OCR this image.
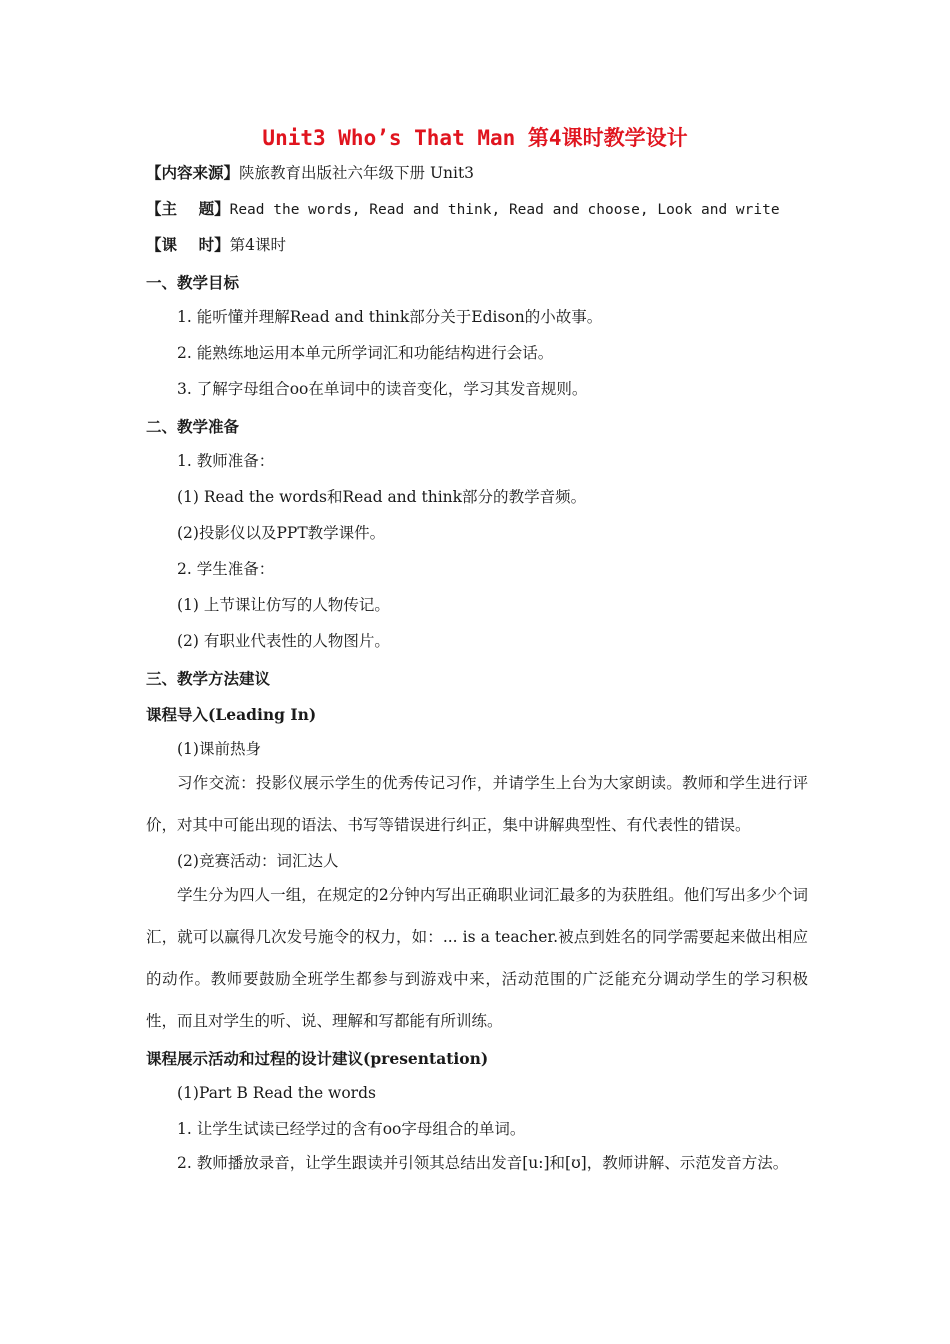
Unit3 Who’s That Man 第4课时教学设计
【内容来源】陕旅教育出版社六年级下册 Unit3
【主    题】Read the words, Read and think, Read and choose, Look and write
【课    时】第4课时
一、教学目标
1. 能听懂并理解Read and think部分关于Edison的小故事。
2. 能熟练地运用本单元所学词汇和功能结构进行会话。
3. 了解字母组合oo在单词中的读音变化，学习其发音规则。
二、教学准备
1. 教师准备：
(1) Read the words和Read and think部分的教学音频。
(2)投影仪以及PPT教学课件。
2. 学生准备：
(1) 上节课让仿写的人物传记。
(2) 有职业代表性的人物图片。
三、教学方法建议
课程导入(Leading In)
(1)课前热身
习作交流：投影仪展示学生的优秀传记习作，并请学生上台为大家朗读。教师和学生进行评价，对其中可能出现的语法、书写等错误进行纠正，集中讲解典型性、有代表性的错误。
(2)竞赛活动：词汇达人
学生分为四人一组，在规定的2分钟内写出正确职业词汇最多的为获胜组。他们写出多少个词汇，就可以赢得几次发号施令的权力，如：... is a teacher.被点到姓名的同学需要起来做出相应的动作。教师要鼓励全班学生都参与到游戏中来，活动范围的广泛能充分调动学生的学习积极性，而且对学生的听、说、理解和写都能有所训练。
课程展示活动和过程的设计建议(presentation)
(1)Part B Read the words
1. 让学生试读已经学过的含有oo字母组合的单词。
2. 教师播放录音，让学生跟读并引领其总结出发音[u:]和[ʊ]，教师讲解、示范发音方法。
